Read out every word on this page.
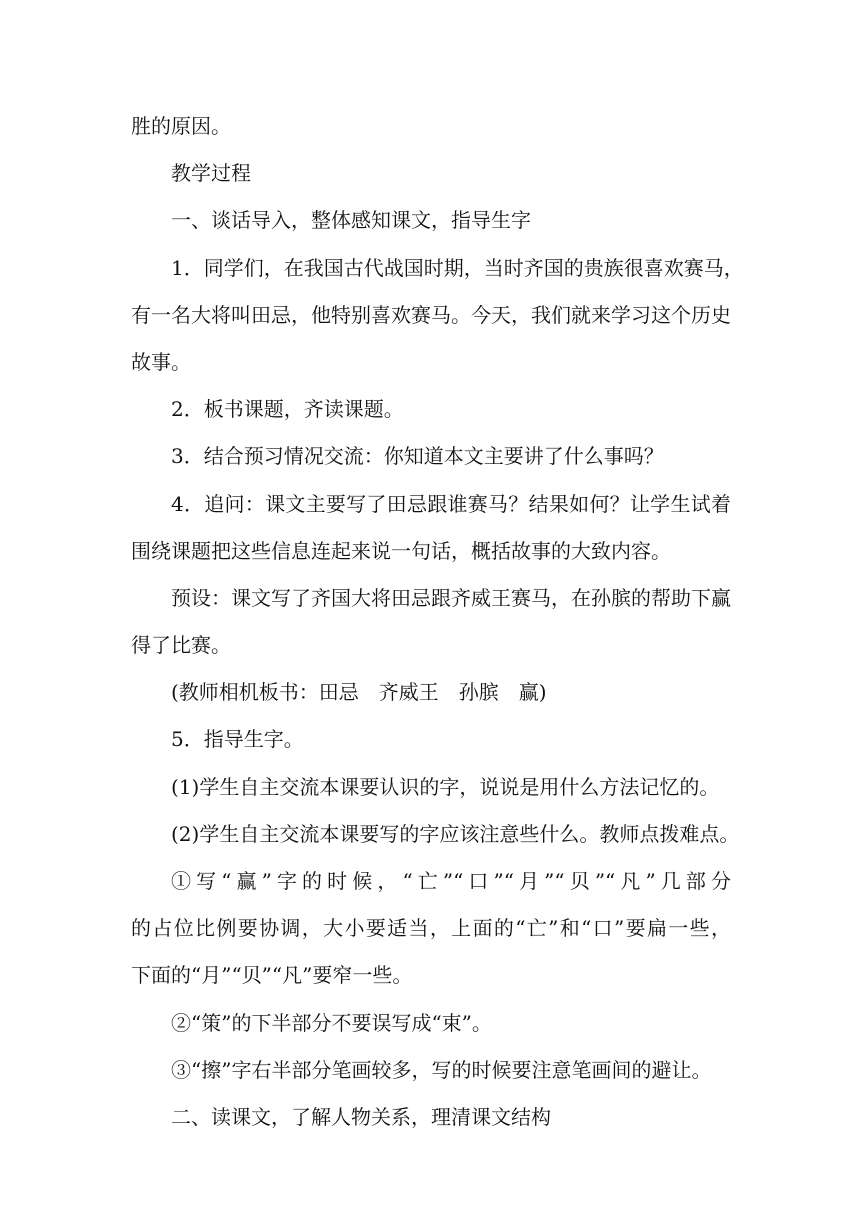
胜的原因。
教学过程
一、谈话导入，整体感知课文，指导生字
1．同学们，在我国古代战国时期，当时齐国的贵族很喜欢赛马，
有一名大将叫田忌，他特别喜欢赛马。今天，我们就来学习这个历史
故事。
2．板书课题，齐读课题。
3．结合预习情况交流：你知道本文主要讲了什么事吗？
4．追问：课文主要写了田忌跟谁赛马？结果如何？让学生试着
围绕课题把这些信息连起来说一句话，概括故事的大致内容。
预设：课文写了齐国大将田忌跟齐威王赛马，在孙膑的帮助下赢
得了比赛。
(教师相机板书：田忌　齐威王　孙膑　赢)
5．指导生字。
(1)学生自主交流本课要认识的字，说说是用什么方法记忆的。
(2)学生自主交流本课要写的字应该注意些什么。教师点拨难点。
①写“赢”字的时候，“亡”“口”“月”“贝”“凡”几部分
的占位比例要协调，大小要适当，上面的“亡”和“口”要扁一些，
下面的“月”“贝”“凡”要窄一些。
②“策”的下半部分不要误写成“束”。
③“擦”字右半部分笔画较多，写的时候要注意笔画间的避让。
二、读课文，了解人物关系，理清课文结构
